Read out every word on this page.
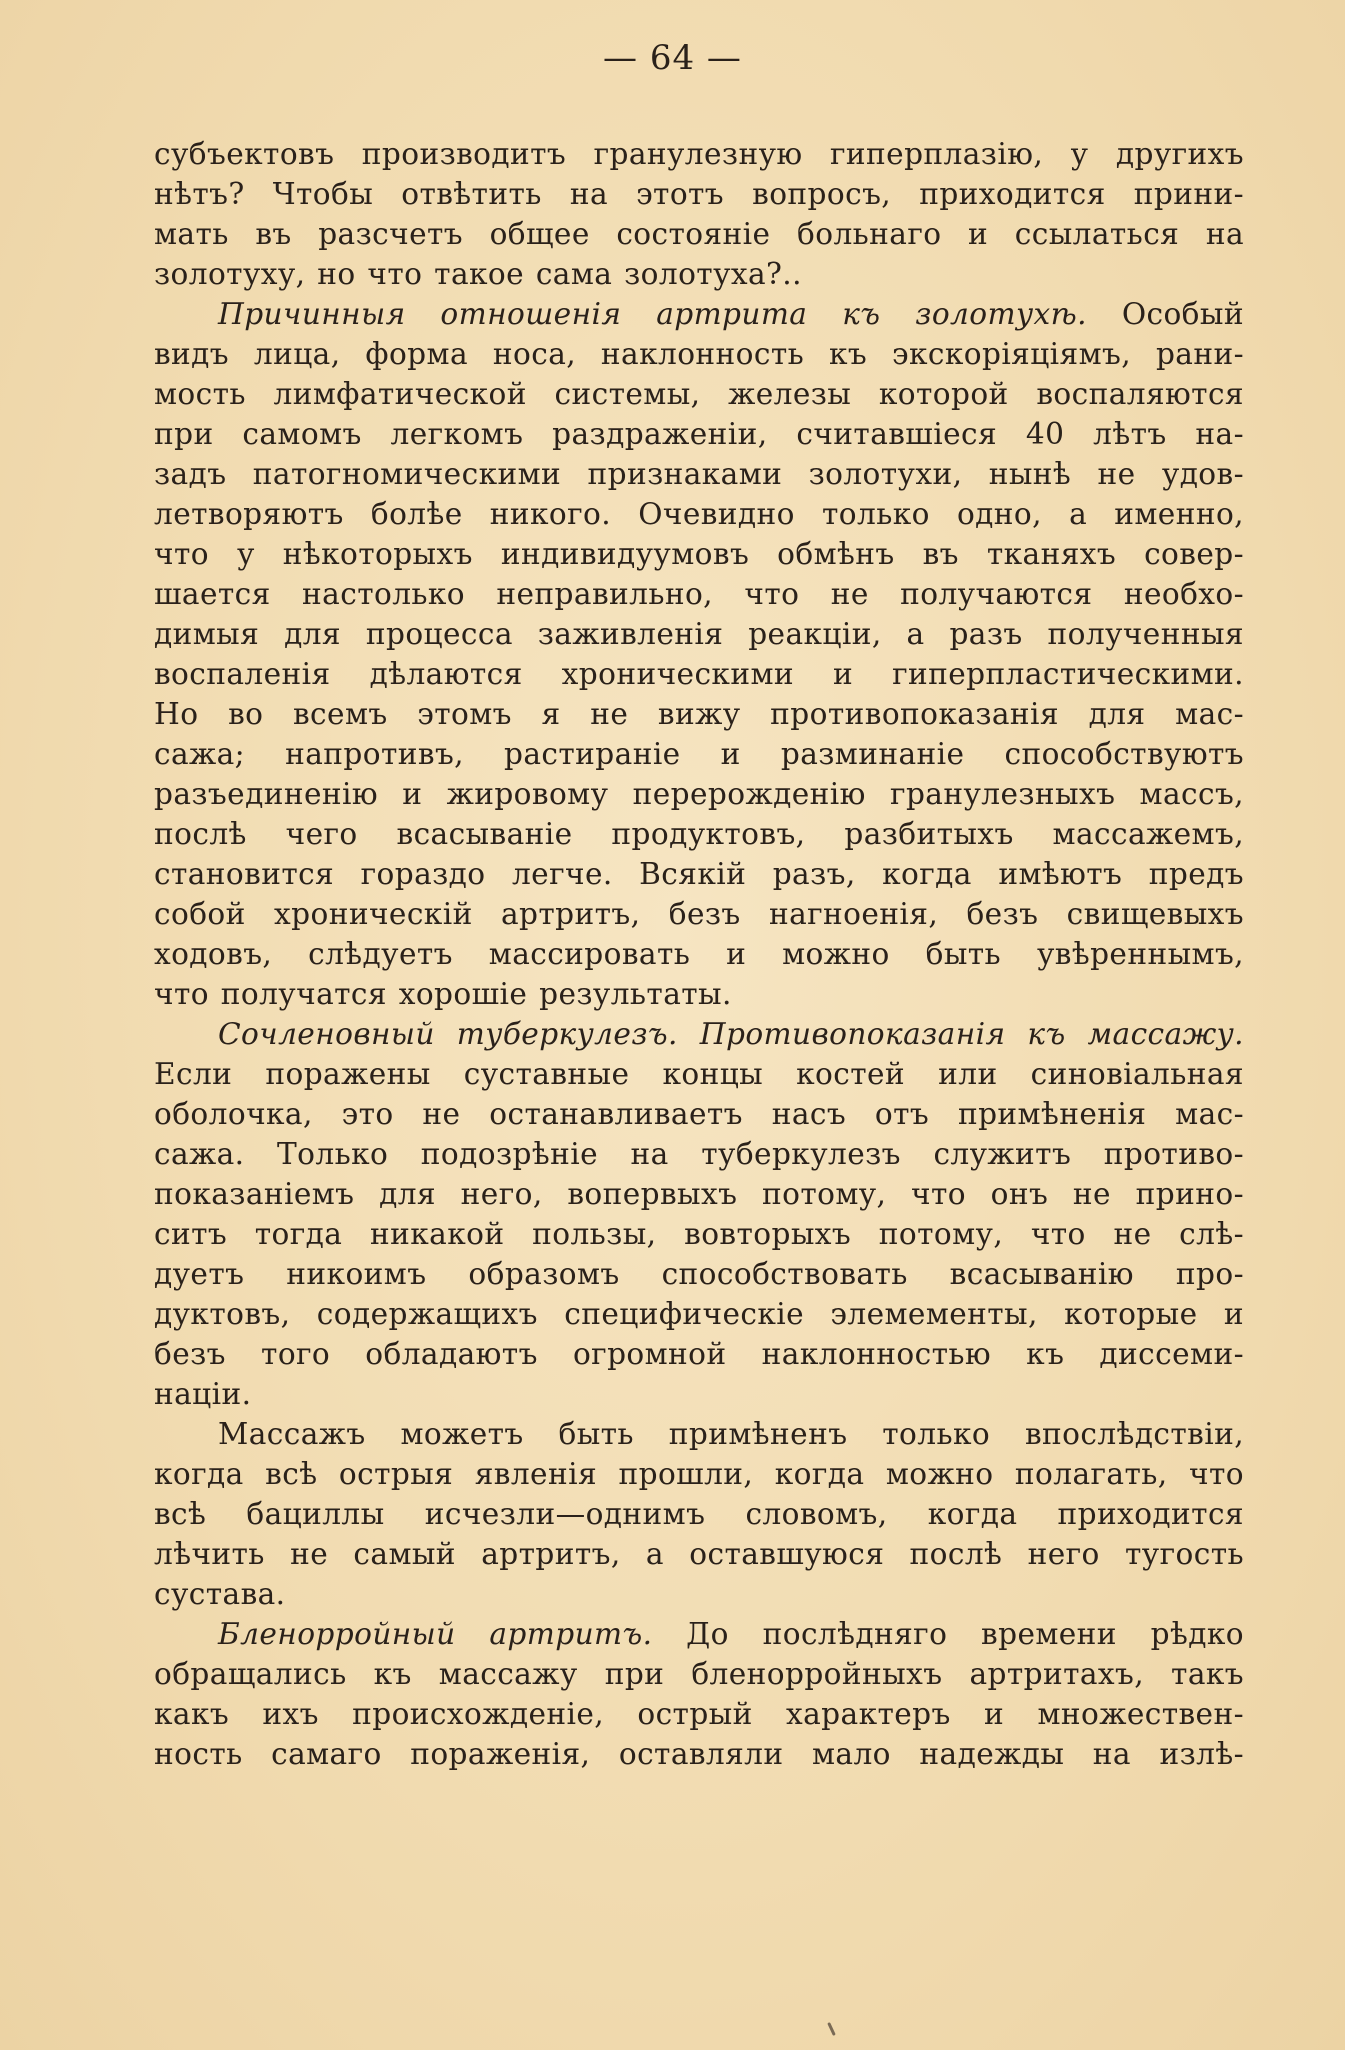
— 64 —

субъектовъ производитъ гранулезную гиперплазію, у другихъ
нѣтъ? Чтобы отвѣтить на этотъ вопросъ, приходится прини-
мать въ разсчетъ общее состояніе больнаго и ссылаться на
золотуху, но что такое сама золотуха?..

Причинныя отношенія артрита къ золотухѣ. Особый
видъ лица, форма носа, наклонность къ экскоріяціямъ, рани-
мость лимфатической системы, железы которой воспаляются
при самомъ легкомъ раздраженіи, считавшіеся 40 лѣтъ на-
задъ патогномическими признаками золотухи, нынѣ не удов-
летворяютъ болѣе никого. Очевидно только одно, а именно,
что у нѣкоторыхъ индивидуумовъ обмѣнъ въ тканяхъ совер-
шается настолько неправильно, что не получаются необхо-
димыя для процесса заживленія реакціи, а разъ полученныя
воспаленія дѣлаются хроническими и гиперпластическими.
Но во всемъ этомъ я не вижу противопоказанія для мас-
сажа; напротивъ, растираніе и разминаніе способствуютъ
разъединенію и жировому перерожденію гранулезныхъ массъ,
послѣ чего всасываніе продуктовъ, разбитыхъ массажемъ,
становится гораздо легче. Всякій разъ, когда имѣютъ предъ
собой хроническій артритъ, безъ нагноенія, безъ свищевыхъ
ходовъ, слѣдуетъ массировать и можно быть увѣреннымъ,
что получатся хорошіе результаты.

Сочленовный туберкулезъ. Противопоказанія къ массажу.
Если поражены суставные концы костей или синовіальная
оболочка, это не останавливаетъ насъ отъ примѣненія мас-
сажа. Только подозрѣніе на туберкулезъ служитъ противо-
показаніемъ для него, вопервыхъ потому, что онъ не прино-
ситъ тогда никакой пользы, вовторыхъ потому, что не слѣ-
дуетъ никоимъ образомъ способствовать всасыванію про-
дуктовъ, содержащихъ специфическіе элемементы, которые и
безъ того обладаютъ огромной наклонностью къ диссеми-
націи.

Массажъ можетъ быть примѣненъ только впослѣдствіи,
когда всѣ острыя явленія прошли, когда можно полагать, что
всѣ бациллы исчезли—однимъ словомъ, когда приходится
лѣчить не самый артритъ, а оставшуюся послѣ него тугость
сустава.

Бленорройный артритъ. До послѣдняго времени рѣдко
обращались къ массажу при бленорройныхъ артритахъ, такъ
какъ ихъ происхожденіе, острый характеръ и множествен-
ность самаго пораженія, оставляли мало надежды на излѣ-
